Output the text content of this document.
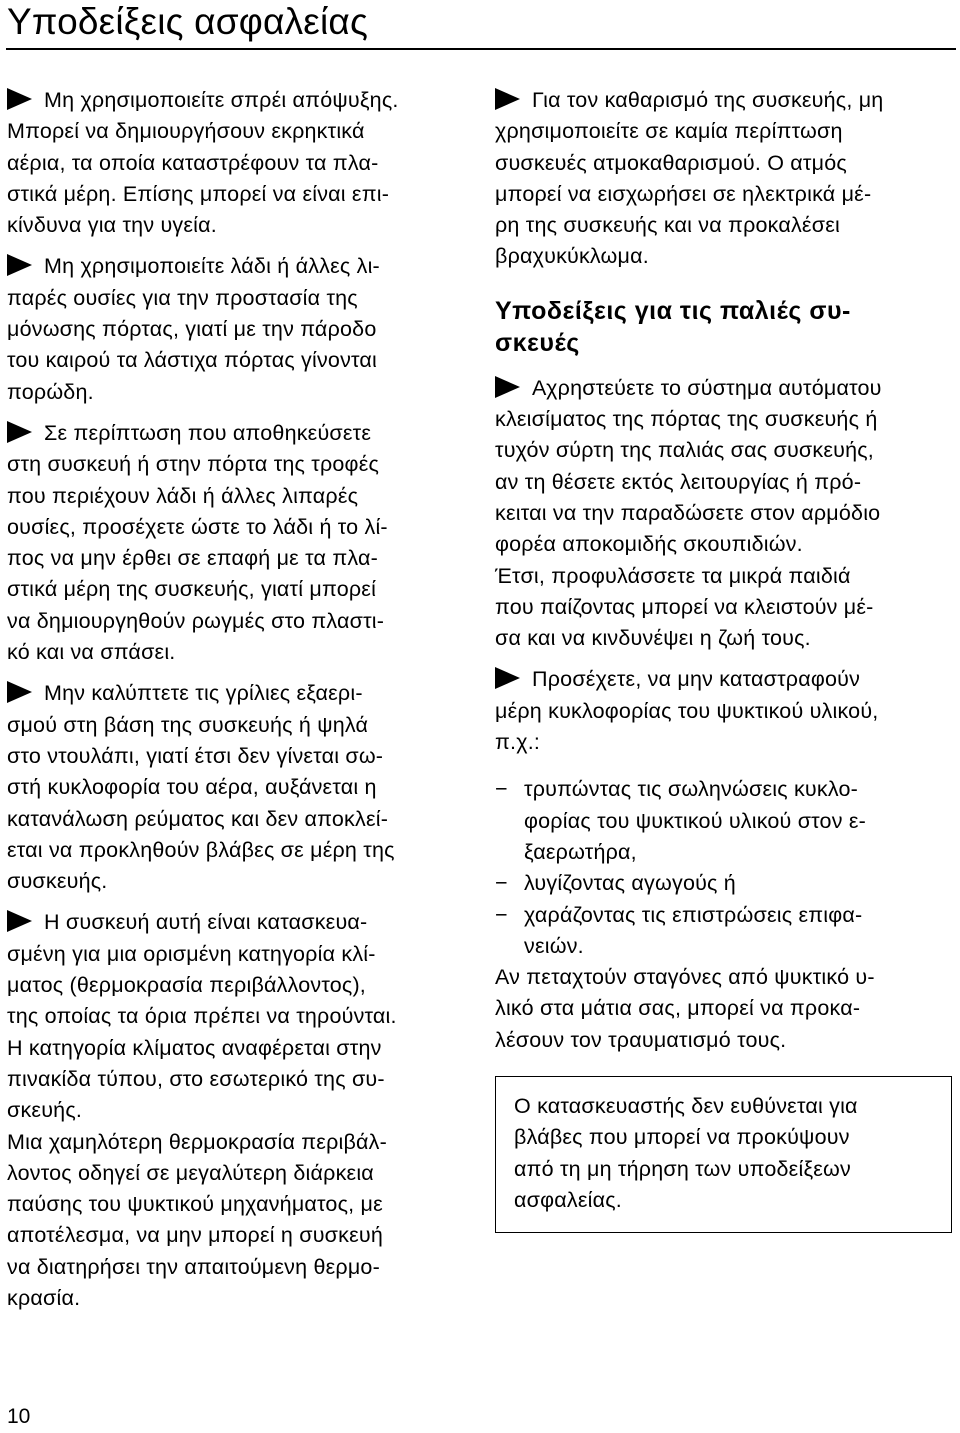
Υποδείξεις ασφαλείας

Μη χρησιμοποιείτε σπρέι απόψυξης.
Μπορεί να δημιουργήσουν εκρηκτικά
αέρια, τα οποία καταστρέφουν τα πλα-
στικά μέρη. Επίσης μπορεί να είναι επι-
κίνδυνα για την υγεία.

Μη χρησιμοποιείτε λάδι ή άλλες λι-
παρές ουσίες για την προστασία της
μόνωσης πόρτας, γιατί με την πάροδο
του καιρού τα λάστιχα πόρτας γίνονται
πορώδη.

Σε περίπτωση που αποθηκεύσετε
στη συσκευή ή στην πόρτα της τροφές
που περιέχουν λάδι ή άλλες λιπαρές
ουσίες, προσέχετε ώστε το λάδι ή το λί-
πος να μην έρθει σε επαφή με τα πλα-
στικά μέρη της συσκευής, γιατί μπορεί
να δημιουργηθούν ρωγμές στο πλαστι-
κό και να σπάσει.

Μην καλύπτετε τις γρίλιες εξαερι-
σμού στη βάση της συσκευής ή ψηλά
στο ντουλάπι, γιατί έτσι δεν γίνεται σω-
στή κυκλοφορία του αέρα, αυξάνεται η
κατανάλωση ρεύματος και δεν αποκλεί-
εται να προκληθούν βλάβες σε μέρη της
συσκευής.

Η συσκευή αυτή είναι κατασκευα-
σμένη για μια ορισμένη κατηγορία κλί-
ματος (θερμοκρασία περιβάλλοντος),
της οποίας τα όρια πρέπει να τηρούνται.
Η κατηγορία κλίματος αναφέρεται στην
πινακίδα τύπου, στο εσωτερικό της συ-
σκευής.
Μια χαμηλότερη θερμοκρασία περιβάλ-
λοντος οδηγεί σε μεγαλύτερη διάρκεια
παύσης του ψυκτικού μηχανήματος, με
αποτέλεσμα, να μην μπορεί η συσκευή
να διατηρήσει την απαιτούμενη θερμο-
κρασία.

Για τον καθαρισμό της συσκευής, μη
χρησιμοποιείτε σε καμία περίπτωση
συσκευές ατμοκαθαρισμού. Ο ατμός
μπορεί να εισχωρήσει σε ηλεκτρικά μέ-
ρη της συσκευής και να προκαλέσει
βραχυκύκλωμα.

Υποδείξεις για τις παλιές συ-
σκευές

Αχρηστεύετε το σύστημα αυτόματου
κλεισίματος της πόρτας της συσκευής ή
τυχόν σύρτη της παλιάς σας συσκευής,
αν τη θέσετε εκτός λειτουργίας ή πρό-
κειται να την παραδώσετε στον αρμόδιο
φορέα αποκομιδής σκουπιδιών.
Έτσι, προφυλάσσετε τα μικρά παιδιά
που παίζοντας μπορεί να κλειστούν μέ-
σα και να κινδυνέψει η ζωή τους.

Προσέχετε, να μην καταστραφούν
μέρη κυκλοφορίας του ψυκτικού υλικού,
π.χ.:

− τρυπώντας τις σωληνώσεις κυκλο-
φορίας του ψυκτικού υλικού στον ε-
ξαερωτήρα,

− λυγίζοντας αγωγούς ή

− χαράζοντας τις επιστρώσεις επιφα-
νειών.

Αν πεταχτούν σταγόνες από ψυκτικό υ-
λικό στα μάτια σας, μπορεί να προκα-
λέσουν τον τραυματισμό τους.

Ο κατασκευαστής δεν ευθύνεται για
βλάβες που μπορεί να προκύψουν
από τη μη τήρηση των υποδείξεων
ασφαλείας.
10
